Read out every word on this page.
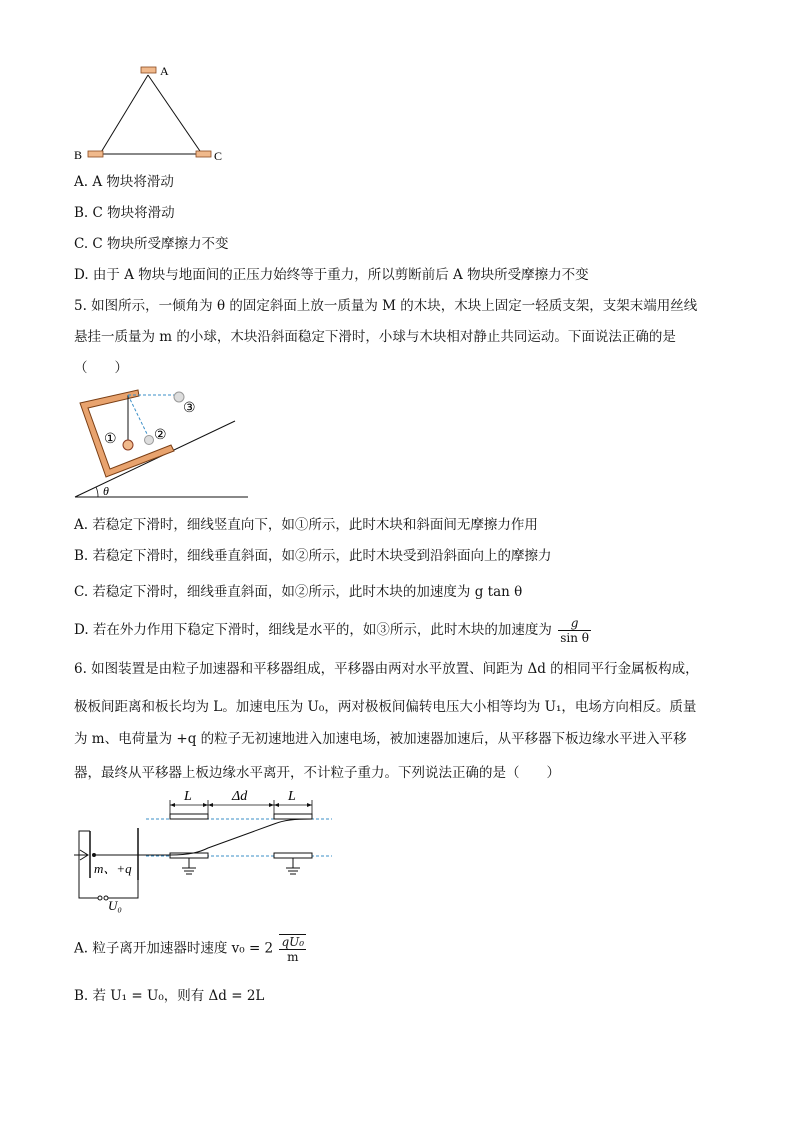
A
B	C
A. A 物块将滑动
B. C 物块将滑动
C. C 物块所受摩擦力不变
D. 由于 A 物块与地面间的正压力始终等于重力，所以剪断前后 A 物块所受摩擦力不变
5. 如图所示，一倾角为 θ 的固定斜面上放一质量为 M 的木块，木块上固定一轻质支架，支架末端用丝线
悬挂一质量为 m 的小球，木块沿斜面稳定下滑时，小球与木块相对静止共同运动。下面说法正确的是
（　　）
θ
①	②
③
A. 若稳定下滑时，细线竖直向下，如①所示，此时木块和斜面间无摩擦力作用
B. 若稳定下滑时，细线垂直斜面，如②所示，此时木块受到沿斜面向上的摩擦力
C. 若稳定下滑时，细线垂直斜面，如②所示，此时木块的加速度为 g tan θ
D. 若在外力作用下稳定下滑时，细线是水平的，如③所示，此时木块的加速度为 $\frac{g}{\text{sin θ}}$
6. 如图装置是由粒子加速器和平移器组成，平移器由两对水平放置、间距为 Δd 的相同平行金属板构成，
极板间距离和板长均为 L。加速电压为 U₀，两对极板间偏转电压大小相等均为 U₁，电场方向相反。质量
为 m、电荷量为 +q 的粒子无初速地进入加速电场，被加速器加速后，从平移器下板边缘水平进入平移
器，最终从平移器上板边缘水平离开，不计粒子重力。下列说法正确的是（　　）
L	Δd	L
m、+q
U₀
A. 粒子离开加速器时速度 $v_0 = 2 \frac{\text{qU₀}}{m}$
B. 若 U₁ = U₀，则有 Δd = 2L
